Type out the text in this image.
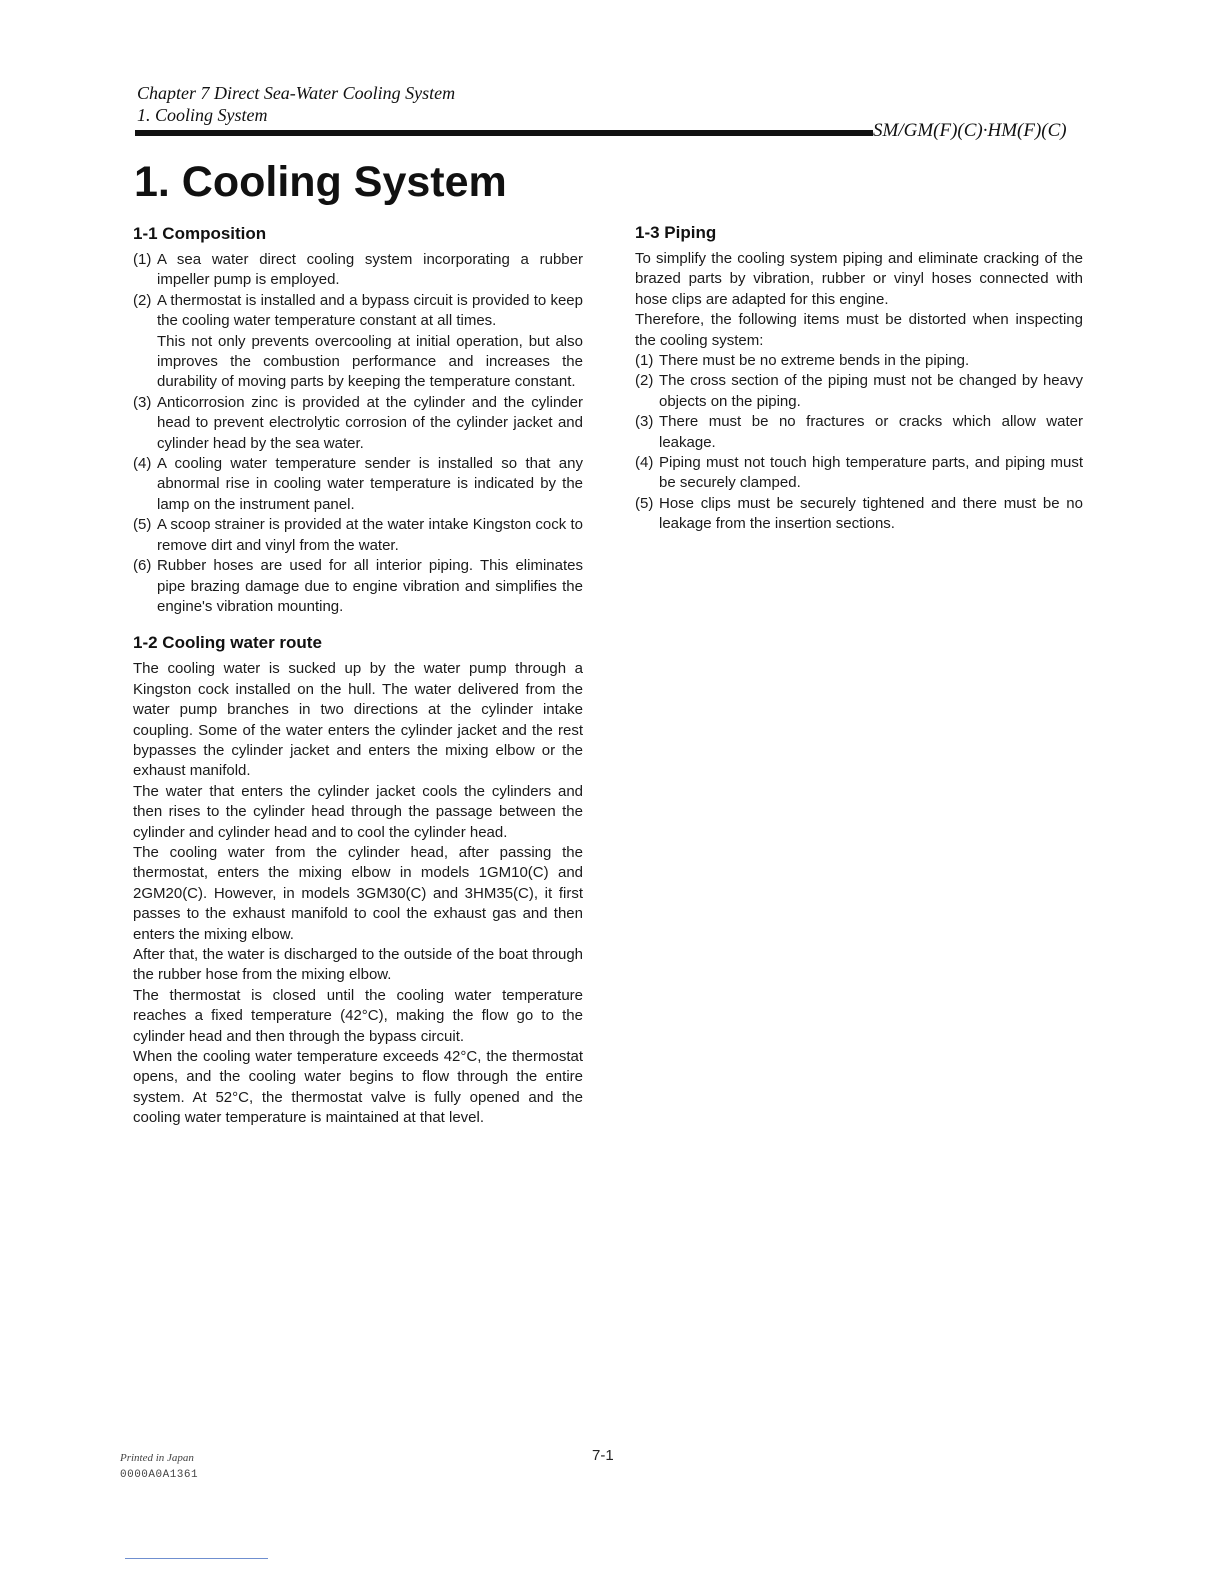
Chapter 7 Direct Sea-Water Cooling System
1. Cooling System
SM/GM(F)(C)·HM(F)(C)
1. Cooling System
1-1 Composition
(1) A sea water direct cooling system incorporating a rubber impeller pump is employed.
(2) A thermostat is installed and a bypass circuit is provided to keep the cooling water temperature constant at all times.
This not only prevents overcooling at initial operation, but also improves the combustion performance and increases the durability of moving parts by keeping the temperature constant.
(3) Anticorrosion zinc is provided at the cylinder and the cylinder head to prevent electrolytic corrosion of the cylinder jacket and cylinder head by the sea water.
(4) A cooling water temperature sender is installed so that any abnormal rise in cooling water temperature is indicated by the lamp on the instrument panel.
(5) A scoop strainer is provided at the water intake Kingston cock to remove dirt and vinyl from the water.
(6) Rubber hoses are used for all interior piping. This eliminates pipe brazing damage due to engine vibration and simplifies the engine's vibration mounting.
1-2 Cooling water route

The cooling water is sucked up by the water pump through a Kingston cock installed on the hull. The water delivered from the water pump branches in two directions at the cylinder intake coupling. Some of the water enters the cylinder jacket and the rest bypasses the cylinder jacket and enters the mixing elbow or the exhaust manifold.

The water that enters the cylinder jacket cools the cylinders and then rises to the cylinder head through the passage between the cylinder and cylinder head and to cool the cylinder head.

The cooling water from the cylinder head, after passing the thermostat, enters the mixing elbow in models 1GM10(C) and 2GM20(C). However, in models 3GM30(C) and 3HM35(C), it first passes to the exhaust manifold to cool the exhaust gas and then enters the mixing elbow.

After that, the water is discharged to the outside of the boat through the rubber hose from the mixing elbow.

The thermostat is closed until the cooling water temperature reaches a fixed temperature (42°C), making the flow go to the cylinder head and then through the bypass circuit.

When the cooling water temperature exceeds 42°C, the thermostat opens, and the cooling water begins to flow through the entire system. At 52°C, the thermostat valve is fully opened and the cooling water temperature is maintained at that level.

1-3 Piping

To simplify the cooling system piping and eliminate cracking of the brazed parts by vibration, rubber or vinyl hoses connected with hose clips are adapted for this engine.

Therefore, the following items must be distorted when inspecting the cooling system:

(1) There must be no extreme bends in the piping.
(2) The cross section of the piping must not be changed by heavy objects on the piping.
(3) There must be no fractures or cracks which allow water leakage.
(4) Piping must not touch high temperature parts, and piping must be securely clamped.
(5) Hose clips must be securely tightened and there must be no leakage from the insertion sections.
Printed in Japan
0000A0A1361
7-1
